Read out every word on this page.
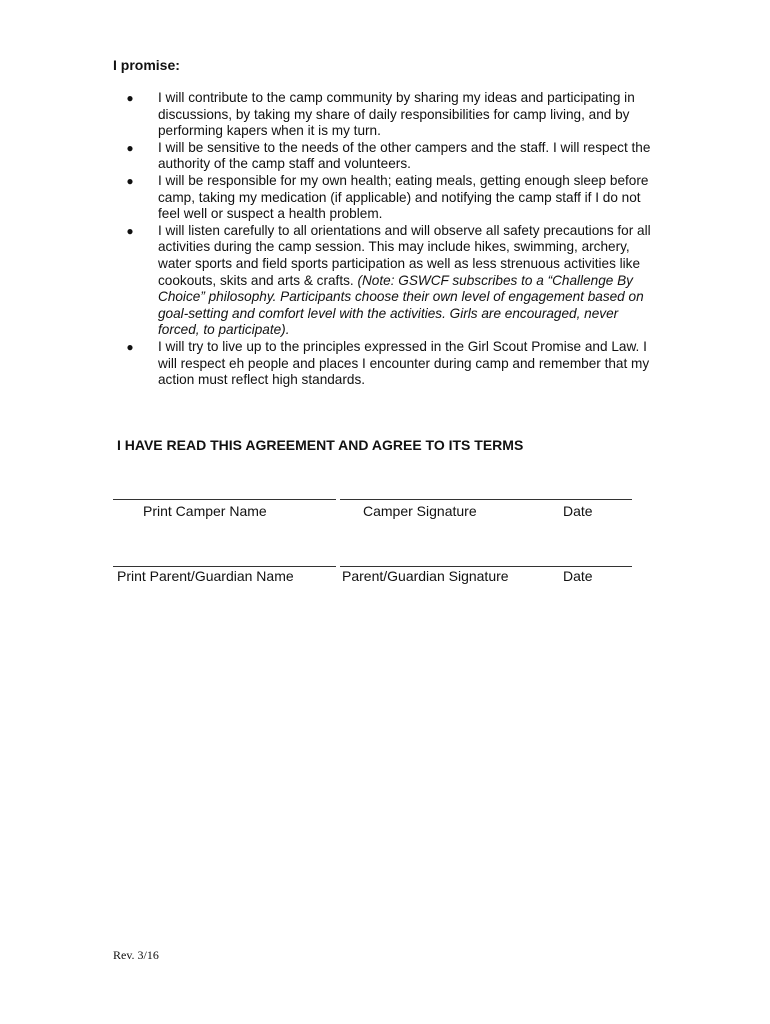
I promise:
●	I will contribute to the camp community by sharing my ideas and participating in discussions, by taking my share of daily responsibilities for camp living, and by performing kapers when it is my turn.
●	I will be sensitive to the needs of the other campers and the staff. I will respect the authority of the camp staff and volunteers.
●	I will be responsible for my own health; eating meals, getting enough sleep before camp, taking my medication (if applicable) and notifying the camp staff if I do not feel well or suspect a health problem.
●	I will listen carefully to all orientations and will observe all safety precautions for all activities during the camp session. This may include hikes, swimming, archery, water sports and field sports participation as well as less strenuous activities like cookouts, skits and arts & crafts. (Note: GSWCF subscribes to a “Challenge By Choice” philosophy. Participants choose their own level of engagement based on goal-setting and comfort level with the activities. Girls are encouraged, never forced, to participate).
●	I will try to live up to the principles expressed in the Girl Scout Promise and Law. I will respect eh people and places I encounter during camp and remember that my action must reflect high standards.
I HAVE READ THIS AGREEMENT AND AGREE TO ITS TERMS
Print Camper Name	Camper Signature	Date
Print Parent/Guardian Name	Parent/Guardian Signature	Date
Rev. 3/16
